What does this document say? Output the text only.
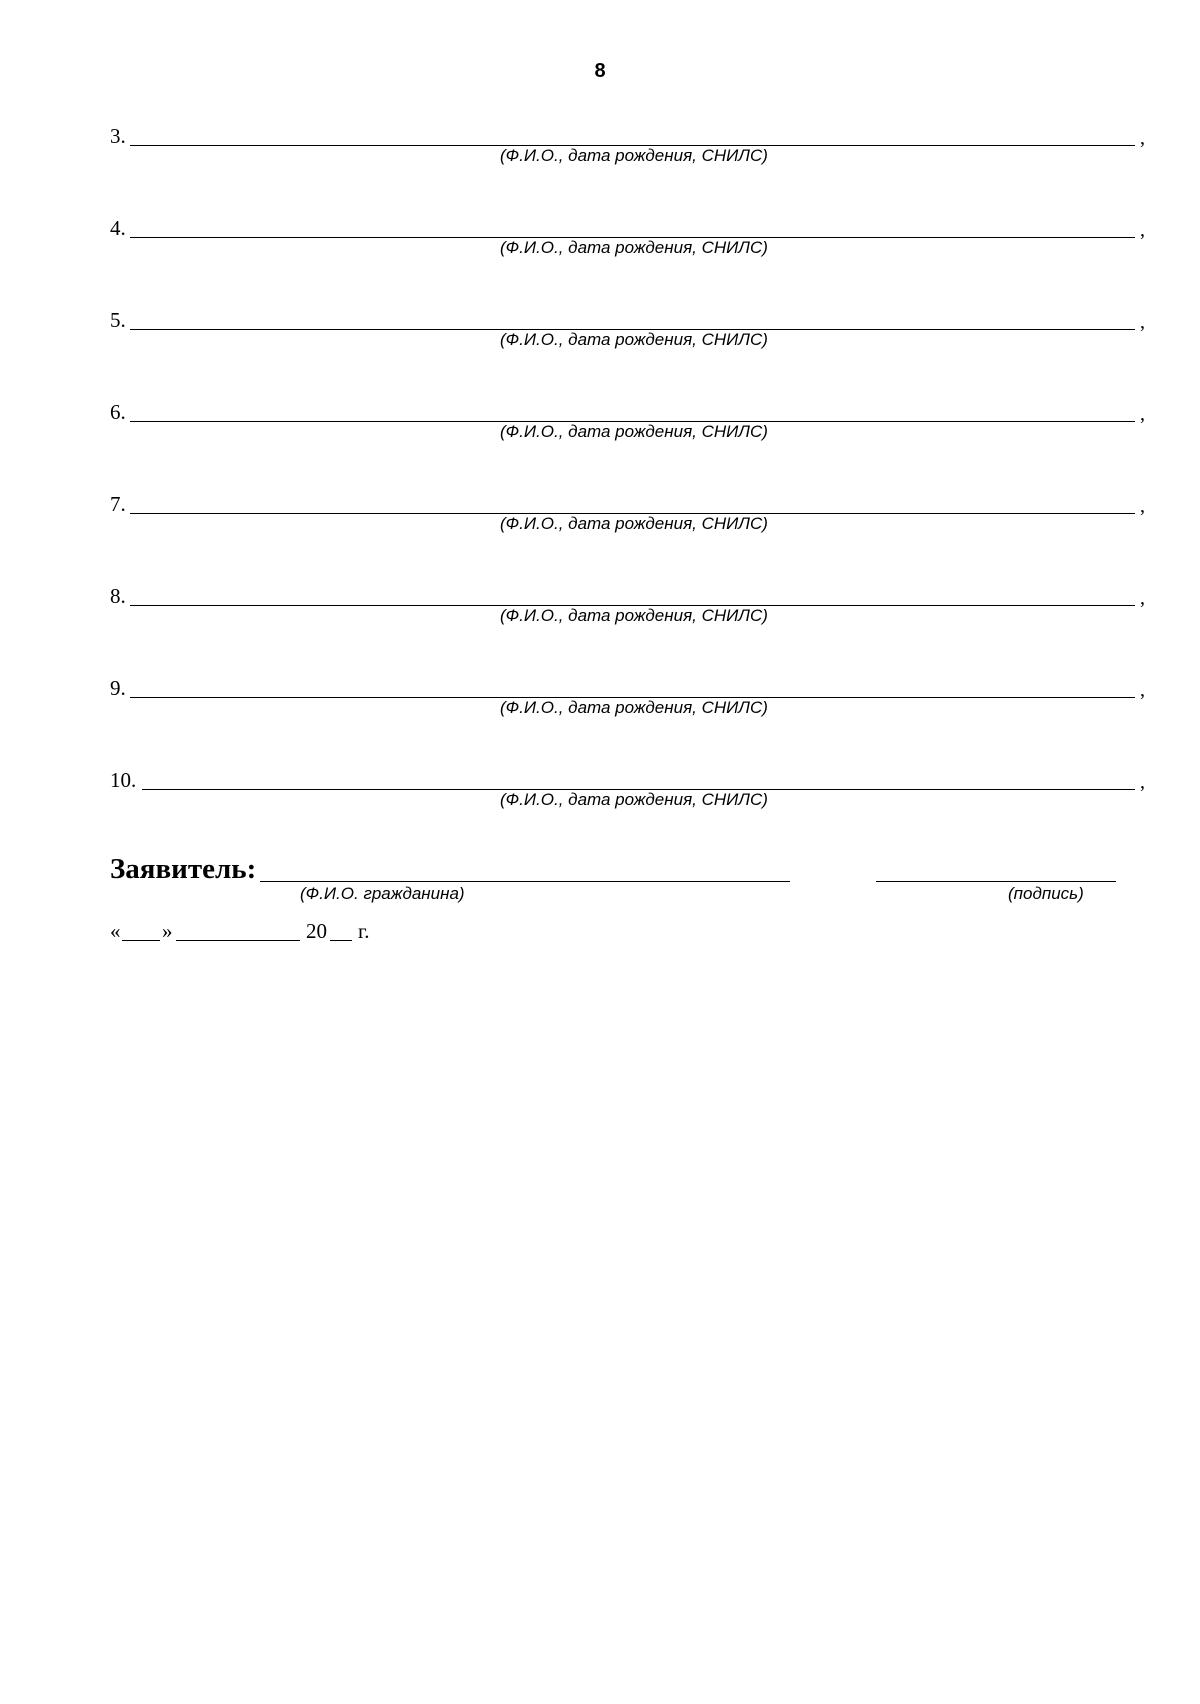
8
3.	,
(Ф.И.О., дата рождения, СНИЛС)
4.	,
(Ф.И.О., дата рождения, СНИЛС)
5.	,
(Ф.И.О., дата рождения, СНИЛС)
6.	,
(Ф.И.О., дата рождения, СНИЛС)
7.	,
(Ф.И.О., дата рождения, СНИЛС)
8.	,
(Ф.И.О., дата рождения, СНИЛС)
9.	,
(Ф.И.О., дата рождения, СНИЛС)
10.	,
(Ф.И.О., дата рождения, СНИЛС)
Заявитель:
(Ф.И.О. гражданина)	(подпись)
« »	20 г.
